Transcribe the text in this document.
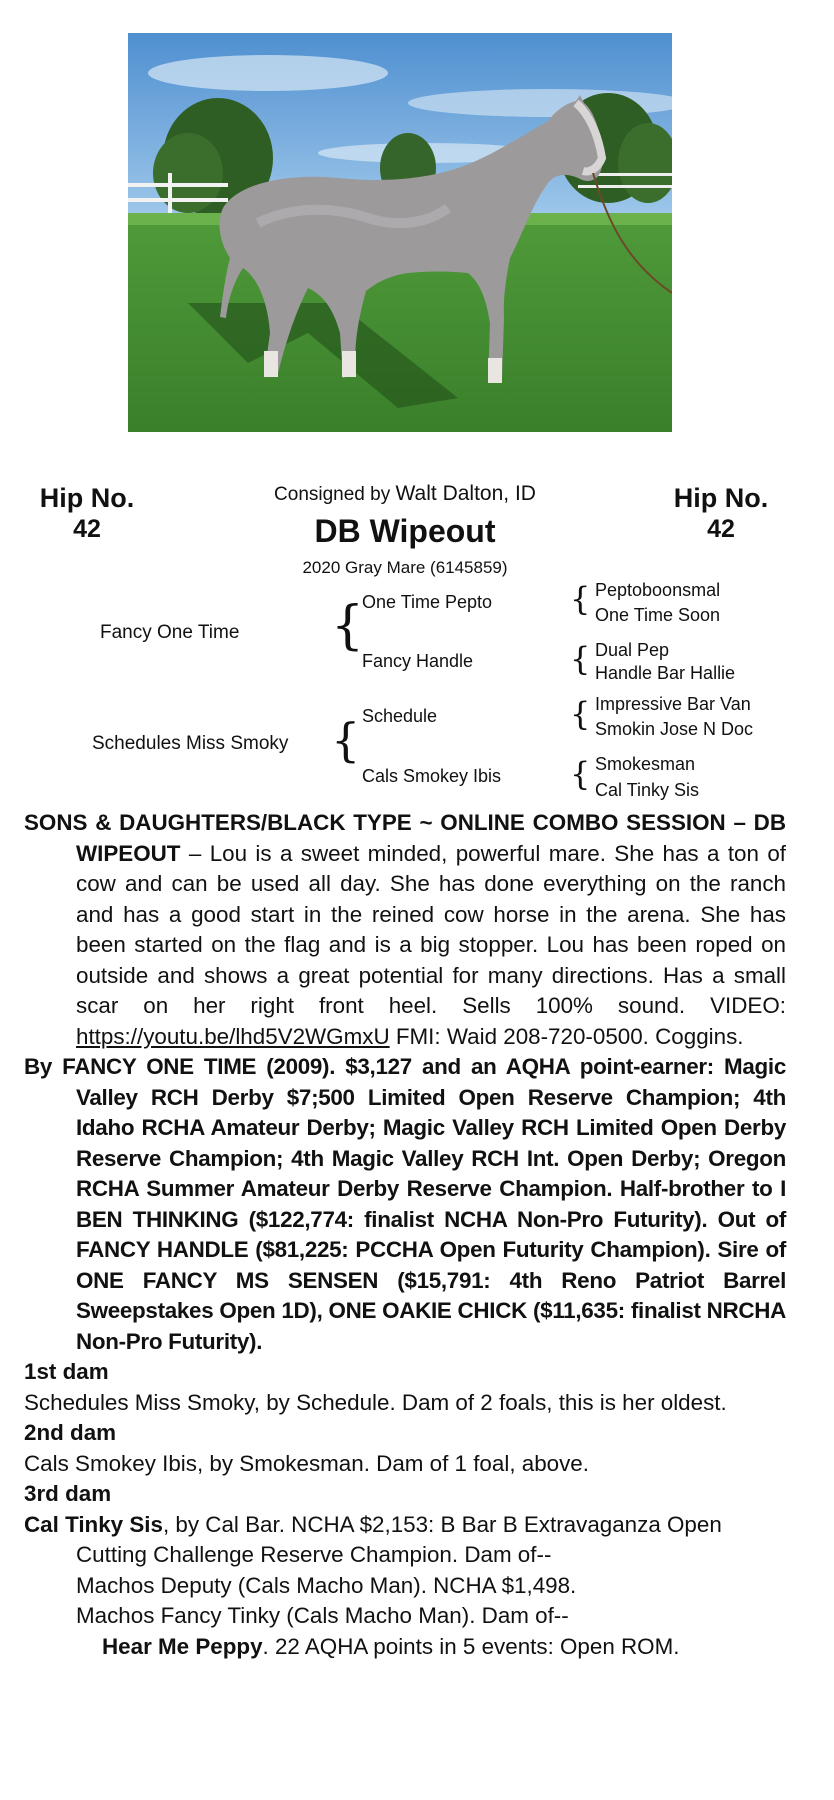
Hip No.
42
Hip No.
42
Consigned by Walt Dalton, ID
DB Wipeout
2020 Gray Mare (6145859)
Fancy One Time
Schedules Miss Smoky
{
{
One Time Pepto
Fancy Handle
Schedule
Cals Smokey Ibis
{
{
{
{
Peptoboonsmal
One Time Soon
Dual Pep
Handle Bar Hallie
Impressive Bar Van
Smokin Jose N Doc
Smokesman
Cal Tinky Sis

SONS & DAUGHTERS/BLACK TYPE ~ ONLINE COMBO SESSION – DB WIPEOUT – Lou is a sweet minded, powerful mare. She has a ton of cow and can be used all day. She has done everything on the ranch and has a good start in the reined cow horse in the arena. She has been started on the flag and is a big stopper. Lou has been roped on outside and shows a great potential for many directions. Has a small scar on her right front heel. Sells 100% sound. VIDEO: https://youtu.be/lhd5V2WGmxU FMI: Waid 208-720-0500. Coggins.

By FANCY ONE TIME (2009). $3,127 and an AQHA point-earner: Magic Valley RCH Derby $7;500 Limited Open Reserve Champion; 4th Idaho RCHA Amateur Derby; Magic Valley RCH Limited Open Derby Reserve Champion; 4th Magic Valley RCH Int. Open Derby; Oregon RCHA Summer Amateur Derby Reserve Champion. Half-brother to I BEN THINKING ($122,774: finalist NCHA Non-Pro Futurity). Out of FANCY HANDLE ($81,225: PCCHA Open Futurity Champion). Sire of ONE FANCY MS SENSEN ($15,791: 4th Reno Patriot Barrel Sweepstakes Open 1D), ONE OAKIE CHICK ($11,635: finalist NRCHA Non-Pro Futurity).

1st dam

Schedules Miss Smoky, by Schedule. Dam of 2 foals, this is her oldest.

2nd dam

Cals Smokey Ibis, by Smokesman. Dam of 1 foal, above.

3rd dam

Cal Tinky Sis, by Cal Bar. NCHA $2,153: B Bar B Extravaganza Open Cutting Challenge Reserve Champion. Dam of--

Machos Deputy (Cals Macho Man). NCHA $1,498.

Machos Fancy Tinky (Cals Macho Man). Dam of--

Hear Me Peppy. 22 AQHA points in 5 events: Open ROM.
